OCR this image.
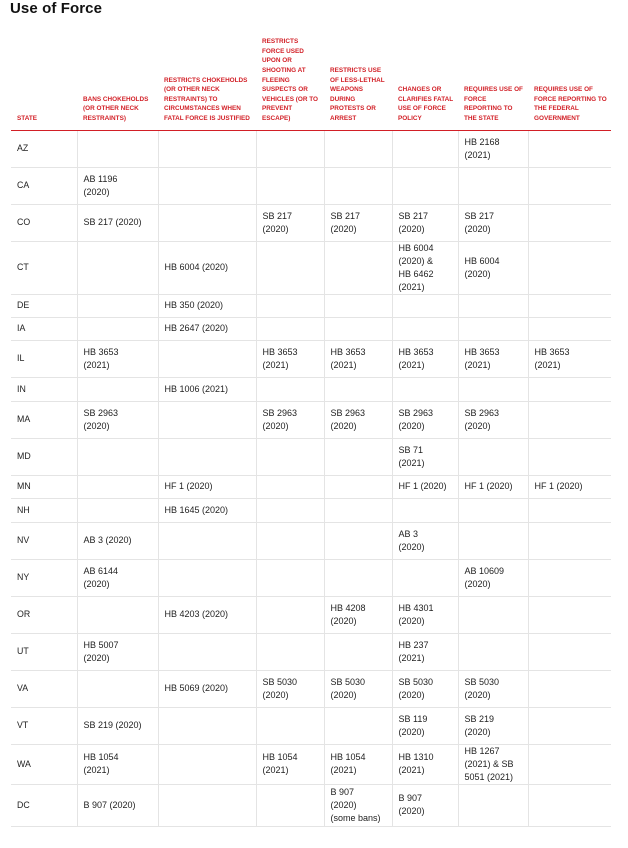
Use of Force
STATE	BANS CHOKEHOLDS (OR OTHER NECK RESTRAINTS)	RESTRICTS CHOKEHOLDS (OR OTHER NECK RESTRAINTS) TO CIRCUMSTANCES WHEN FATAL FORCE IS JUSTIFIED	RESTRICTS FORCE USED UPON OR SHOOTING AT FLEEING SUSPECTS OR VEHICLES (OR TO PREVENT ESCAPE)	RESTRICTS USE OF LESS-LETHAL WEAPONS DURING PROTESTS OR ARREST	CHANGES OR CLARIFIES FATAL USE OF FORCE POLICY	REQUIRES USE OF FORCE REPORTING TO THE STATE	REQUIRES USE OF FORCE REPORTING TO THE FEDERAL GOVERNMENT
AZ						HB 2168
(2021)	
CA	AB 1196
(2020)						
CO	SB 217 (2020)		SB 217
(2020)	SB 217
(2020)	SB 217
(2020)	SB 217
(2020)	
CT		HB 6004 (2020)			HB 6004
(2020) &
HB 6462
(2021)	HB 6004
(2020)	
DE		HB 350 (2020)					
IA		HB 2647 (2020)					
IL	HB 3653
(2021)		HB 3653
(2021)	HB 3653
(2021)	HB 3653
(2021)	HB 3653
(2021)	HB 3653
(2021)
IN		HB 1006 (2021)					
MA	SB 2963
(2020)		SB 2963
(2020)	SB 2963
(2020)	SB 2963
(2020)	SB 2963
(2020)	
MD					SB 71
(2021)		
MN		HF 1 (2020)			HF 1 (2020)	HF 1 (2020)	HF 1 (2020)
NH		HB 1645 (2020)					
NV	AB 3 (2020)				AB 3
(2020)		
NY	AB 6144
(2020)					AB 10609
(2020)	
OR		HB 4203 (2020)		HB 4208
(2020)	HB 4301
(2020)		
UT	HB 5007
(2020)				HB 237
(2021)		
VA		HB 5069 (2020)	SB 5030
(2020)	SB 5030
(2020)	SB 5030
(2020)	SB 5030
(2020)	
VT	SB 219 (2020)				SB 119
(2020)	SB 219
(2020)	
WA	HB 1054
(2021)		HB 1054
(2021)	HB 1054
(2021)	HB 1310
(2021)	HB 1267
(2021) & SB
5051 (2021)	
DC	B 907 (2020)			B 907
(2020)
(some bans)	B 907
(2020)		
